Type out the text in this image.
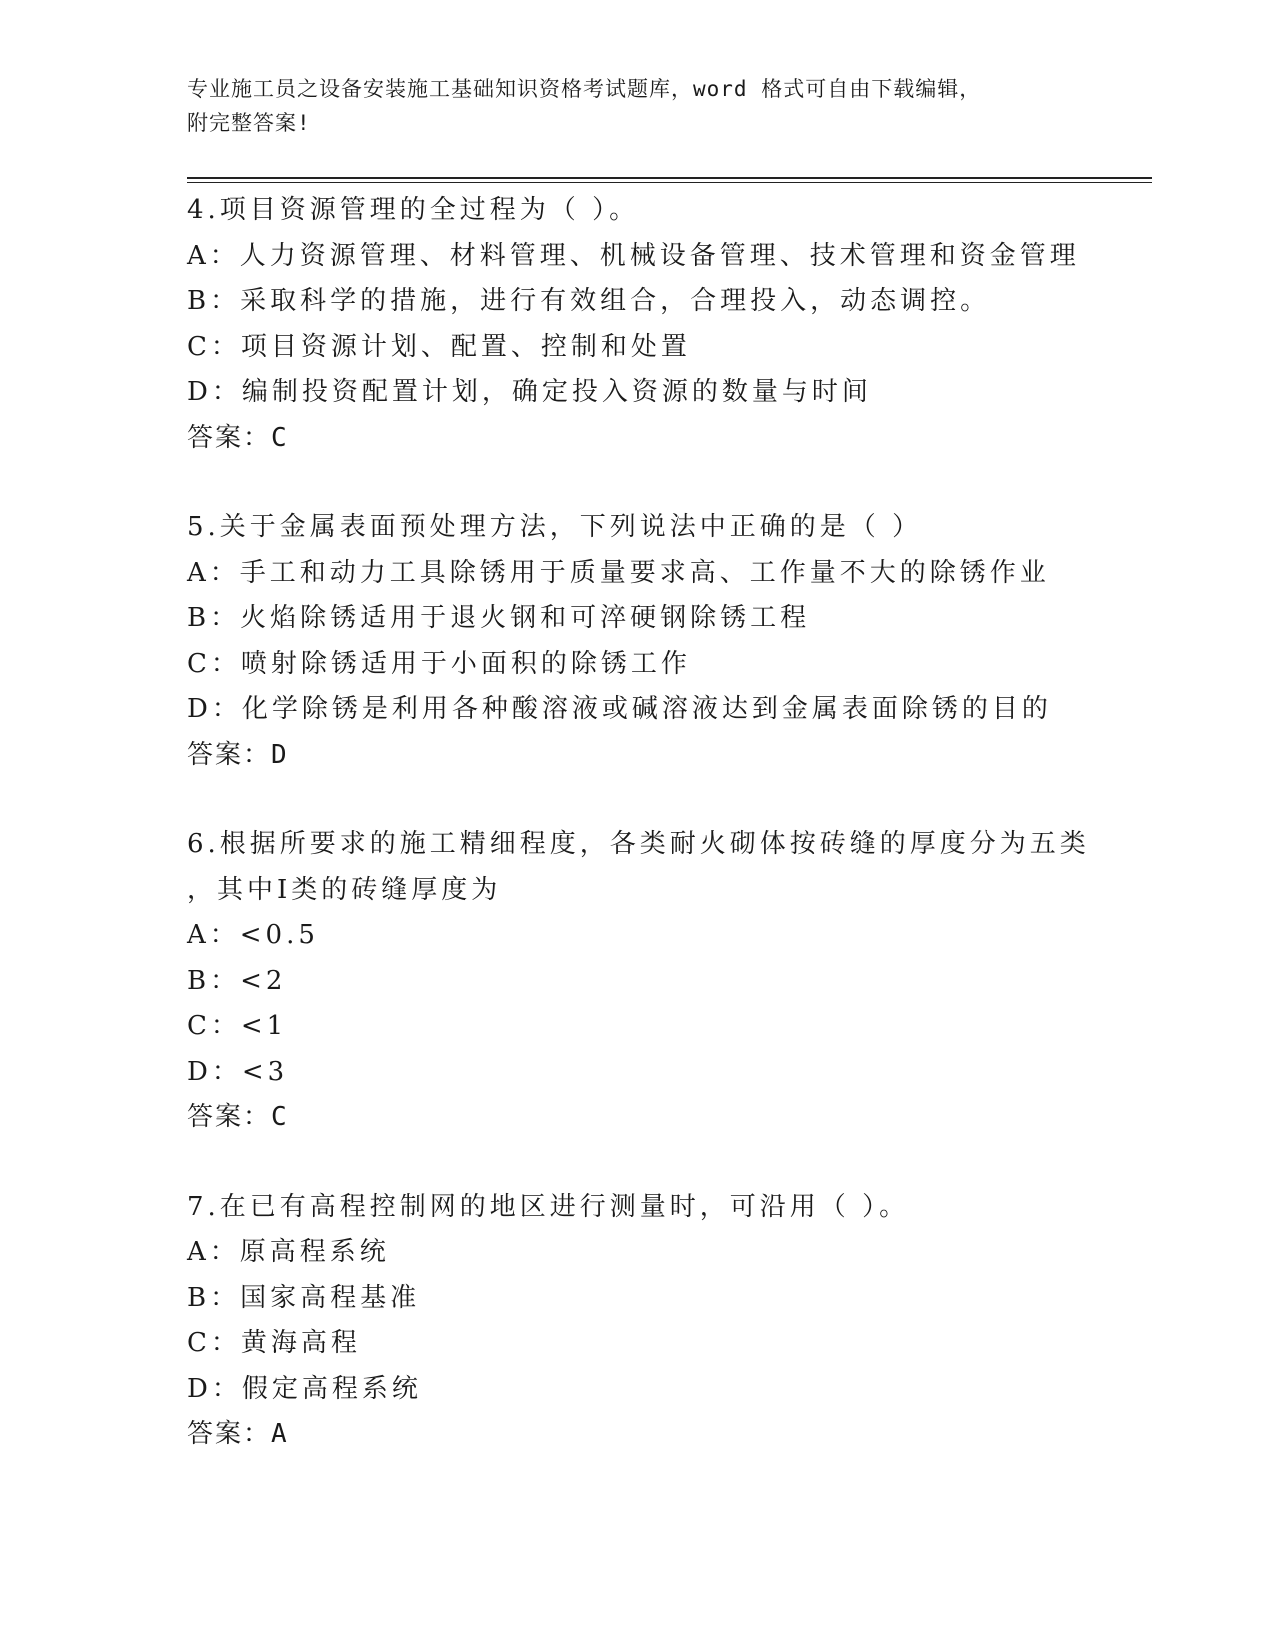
专业施工员之设备安装施工基础知识资格考试题库，word 格式可自由下载编辑，
附完整答案!
4.项目资源管理的全过程为（ ）。
A：人力资源管理、材料管理、机械设备管理、技术管理和资金管理
B：采取科学的措施，进行有效组合，合理投入，动态调控。
C：项目资源计划、配置、控制和处置
D：编制投资配置计划，确定投入资源的数量与时间
答案：C
5.关于金属表面预处理方法，下列说法中正确的是（ ）
A：手工和动力工具除锈用于质量要求高、工作量不大的除锈作业
B：火焰除锈适用于退火钢和可淬硬钢除锈工程
C：喷射除锈适用于小面积的除锈工作
D：化学除锈是利用各种酸溶液或碱溶液达到金属表面除锈的目的
答案：D
6.根据所要求的施工精细程度，各类耐火砌体按砖缝的厚度分为五类
，其中Ⅰ类的砖缝厚度为
A：<0.5
B：<2
C：<1
D：<3
答案：C
7.在已有高程控制网的地区进行测量时，可沿用（ ）。
A：原高程系统
B：国家高程基准
C：黄海高程
D：假定高程系统
答案：A
